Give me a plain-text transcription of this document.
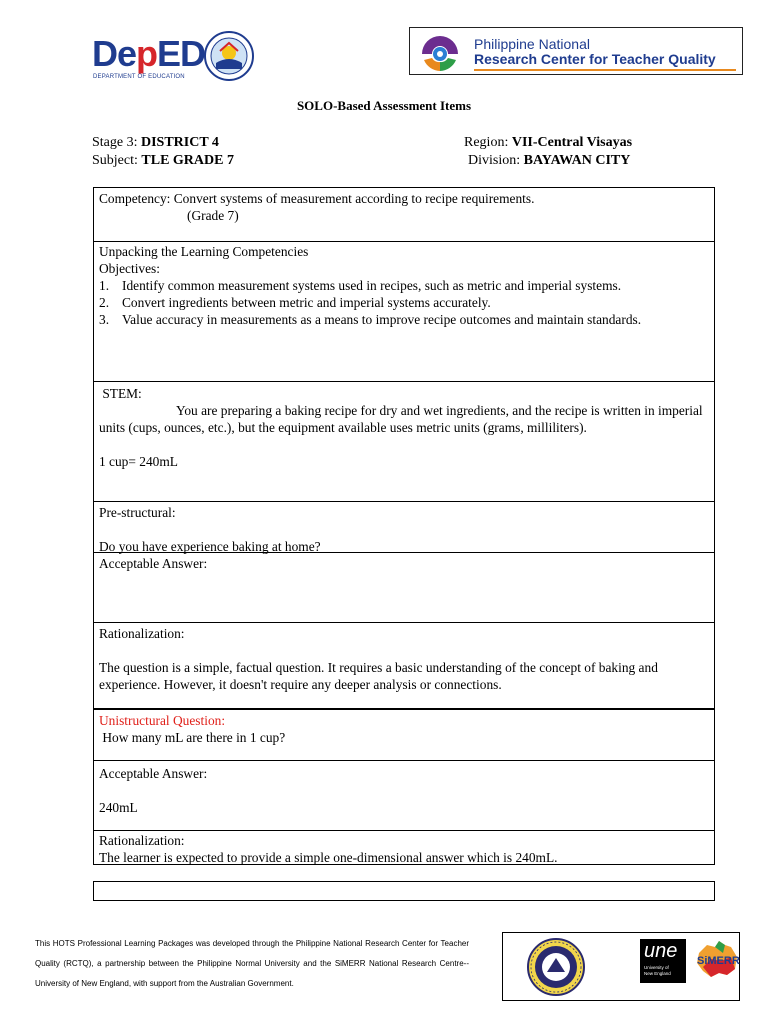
DepED
DEPARTMENT OF EDUCATION
Philippine National
Research Center for Teacher Quality
SOLO-Based Assessment Items
Stage 3: DISTRICT 4
Subject: TLE GRADE 7
Region: VII-Central Visayas
Division: BAYAWAN CITY

Competency: Convert systems of measurement according to recipe requirements.

(Grade 7)

Unpacking the Learning Competencies

Objectives:

1. Identify common measurement systems used in recipes, such as metric and imperial systems.
2. Convert ingredients between metric and imperial systems accurately.
3. Value accuracy in measurements as a means to improve recipe outcomes and maintain standards.

STEM:

You are preparing a baking recipe for dry and wet ingredients, and the recipe is written in imperial units (cups, ounces, etc.), but the equipment available uses metric units (grams, milliliters).

1 cup= 240mL

Pre-structural:

Do you have experience baking at home?

Acceptable Answer:

Rationalization:

The question is a simple, factual question. It requires a basic understanding of the concept of baking and experience. However, it doesn't require any deeper analysis or connections.

Unistructural Question:

How many mL are there in 1 cup?

Acceptable Answer:

240mL

Rationalization:

The learner is expected to provide a simple one-dimensional answer which is 240mL.

This HOTS Professional Learning Packages was developed through the Philippine National Research Center for Teacher Quality (RCTQ), a partnership between the Philippine Normal University and the SiMERR National Research Centre--University of New England, with support from the Australian Government.
une
University of
New England
SiMERR
